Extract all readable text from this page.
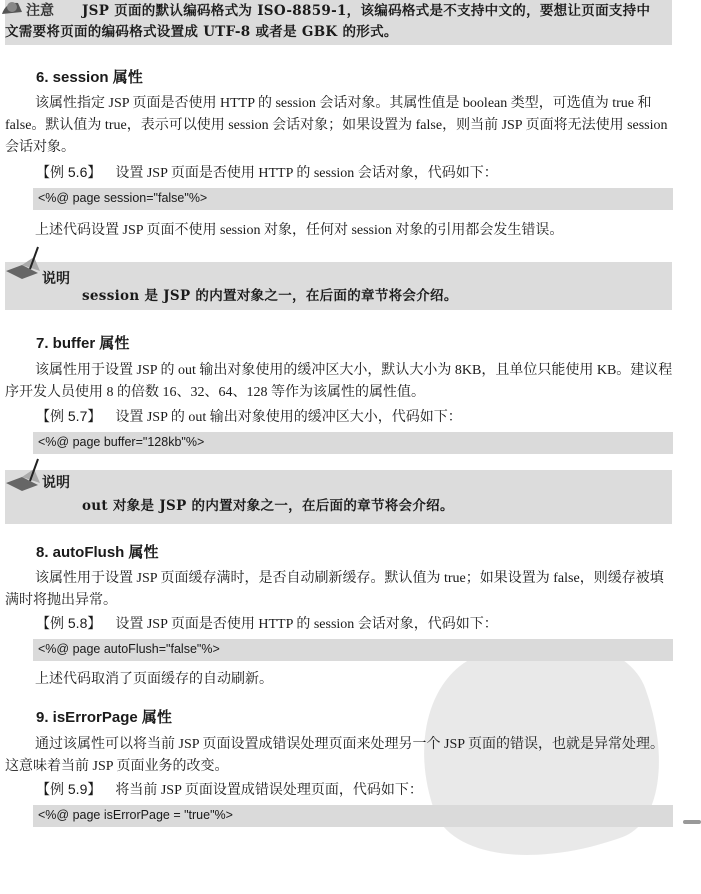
注意 JSP 页面的默认编码格式为 ISO-8859-1，该编码格式是不支持中文的，要想让页面支持中
文需要将页面的编码格式设置成 UTF-8 或者是 GBK 的形式。
6. session 属性
该属性指定 JSP 页面是否使用 HTTP 的 session 会话对象。其属性值是 boolean 类型，可选值为 true 和 false。默认值为 true，表示可以使用 session 会话对象；如果设置为 false，则当前 JSP 页面将无法使用 session 会话对象。
【例 5.6】 设置 JSP 页面是否使用 HTTP 的 session 会话对象，代码如下：
<%@ page session="false"%>
上述代码设置 JSP 页面不使用 session 对象，任何对 session 对象的引用都会发生错误。
说明
session 是 JSP 的内置对象之一，在后面的章节将会介绍。
7. buffer 属性
该属性用于设置 JSP 的 out 输出对象使用的缓冲区大小，默认大小为 8KB，且单位只能使用 KB。建议程序开发人员使用 8 的倍数 16、32、64、128 等作为该属性的属性值。
【例 5.7】 设置 JSP 的 out 输出对象使用的缓冲区大小，代码如下：
<%@ page buffer="128kb"%>
说明
out 对象是 JSP 的内置对象之一，在后面的章节将会介绍。
8. autoFlush 属性
该属性用于设置 JSP 页面缓存满时，是否自动刷新缓存。默认值为 true；如果设置为 false，则缓存被填满时将抛出异常。
【例 5.8】 设置 JSP 页面是否使用 HTTP 的 session 会话对象，代码如下：
<%@ page autoFlush="false"%>
上述代码取消了页面缓存的自动刷新。
9. isErrorPage 属性
通过该属性可以将当前 JSP 页面设置成错误处理页面来处理另一个 JSP 页面的错误，也就是异常处理。这意味着当前 JSP 页面业务的改变。
【例 5.9】 将当前 JSP 页面设置成错误处理页面，代码如下：
<%@ page isErrorPage = "true"%>
